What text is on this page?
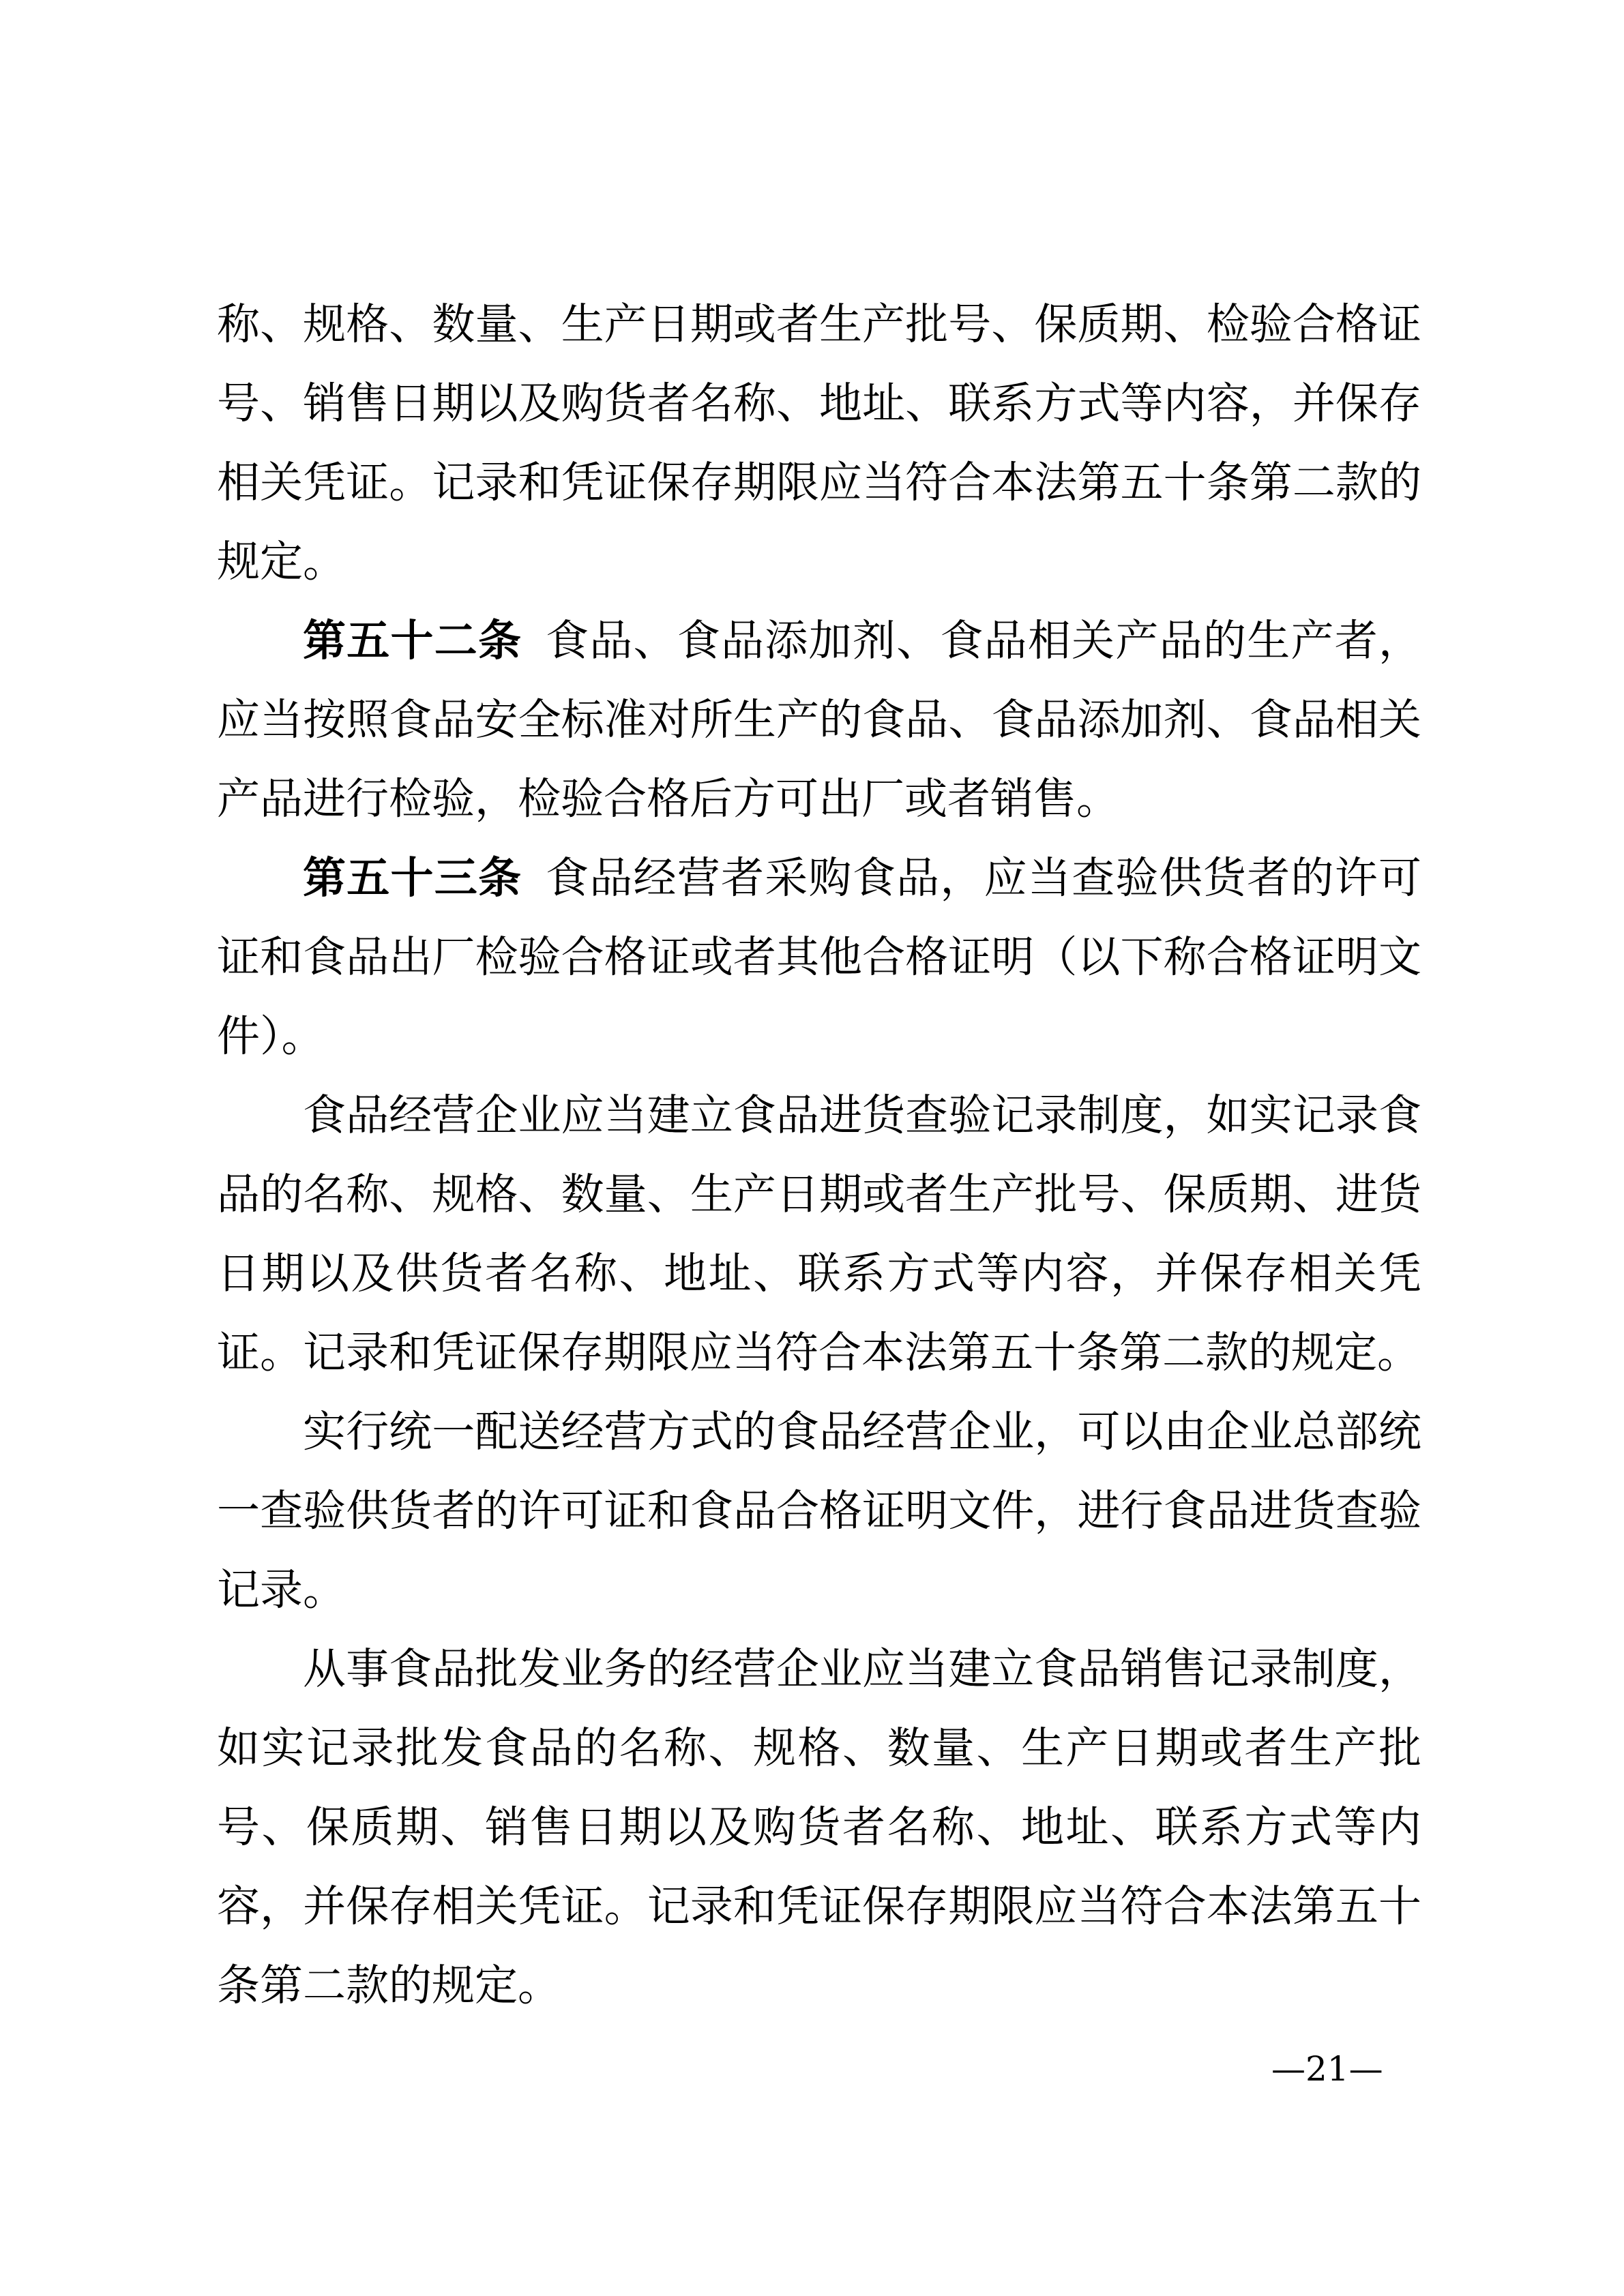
称、规格、数量、生产日期或者生产批号、保质期、检验合格证号、销售日期以及购货者名称、地址、联系方式等内容，并保存相关凭证。记录和凭证保存期限应当符合本法第五十条第二款的规定。

第五十二条 食品、食品添加剂、食品相关产品的生产者，应当按照食品安全标准对所生产的食品、食品添加剂、食品相关产品进行检验，检验合格后方可出厂或者销售。

第五十三条 食品经营者采购食品，应当查验供货者的许可证和食品出厂检验合格证或者其他合格证明（以下称合格证明文件）。

食品经营企业应当建立食品进货查验记录制度，如实记录食品的名称、规格、数量、生产日期或者生产批号、保质期、进货日期以及供货者名称、地址、联系方式等内容，并保存相关凭证。记录和凭证保存期限应当符合本法第五十条第二款的规定。

实行统一配送经营方式的食品经营企业，可以由企业总部统一查验供货者的许可证和食品合格证明文件，进行食品进货查验记录。

从事食品批发业务的经营企业应当建立食品销售记录制度，如实记录批发食品的名称、规格、数量、生产日期或者生产批号、保质期、销售日期以及购货者名称、地址、联系方式等内容，并保存相关凭证。记录和凭证保存期限应当符合本法第五十条第二款的规定。

—21—
